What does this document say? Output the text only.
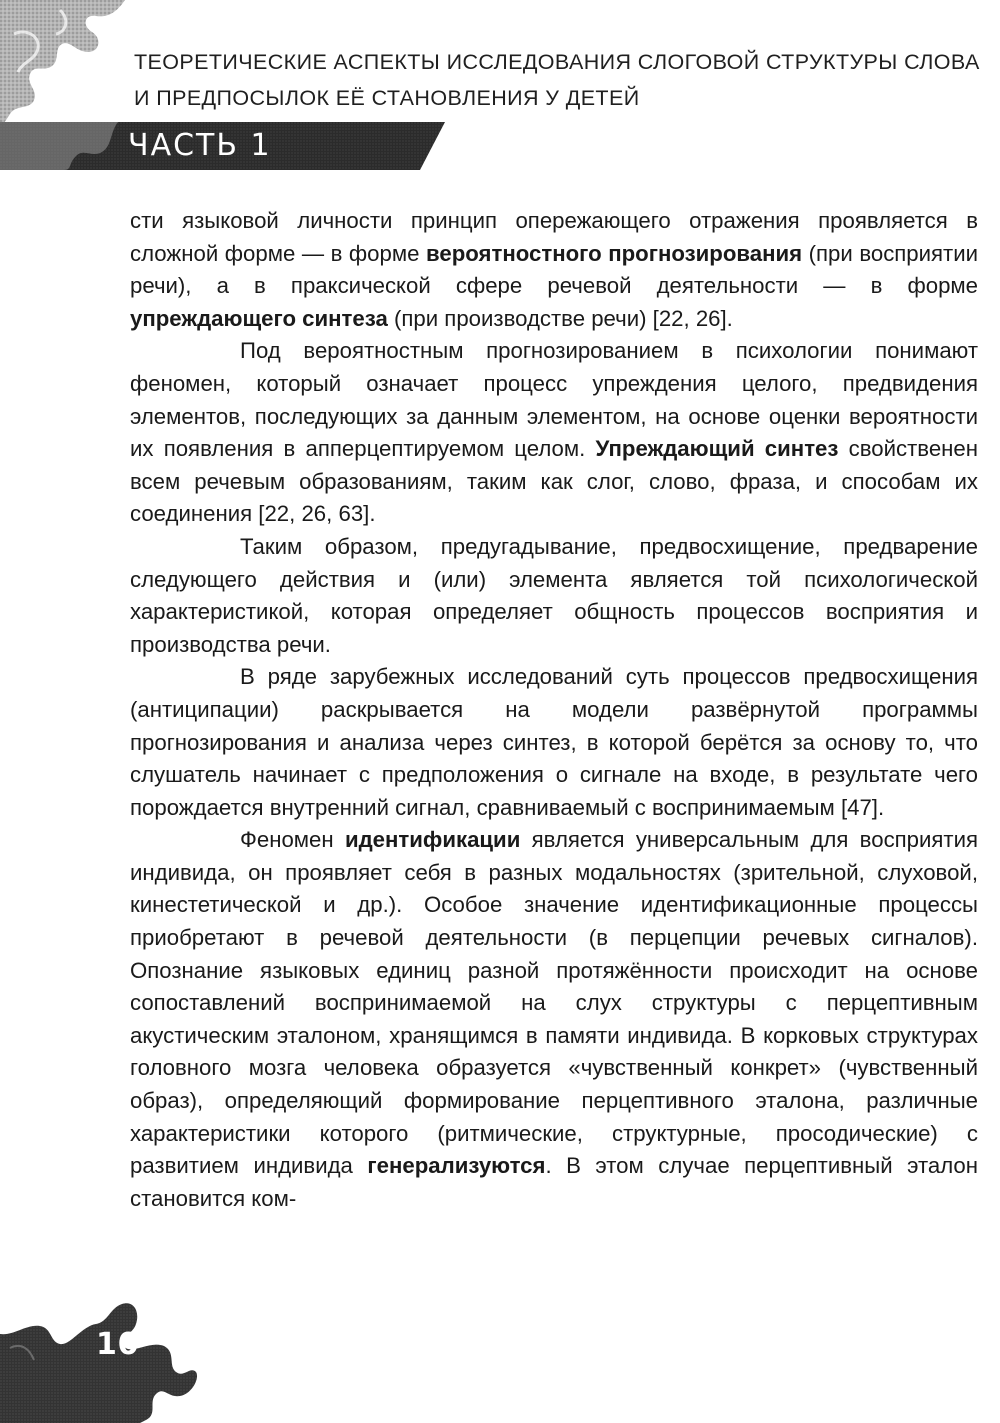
ТЕОРЕТИЧЕСКИЕ АСПЕКТЫ ИССЛЕДОВАНИЯ СЛОГОВОЙ СТРУКТУРЫ СЛОВА
И ПРЕДПОСЫЛОК ЕЁ СТАНОВЛЕНИЯ У ДЕТЕЙ
ЧАСТЬ 1

сти языковой личности принцип опережающего отражения проявляется в сложной форме — в форме вероятностного прогнозирования (при восприятии речи), а в праксической сфере речевой деятельности — в форме упреждающего синтеза (при производстве речи) [22, 26].

Под вероятностным прогнозированием в психологии понимают феномен, который означает процесс упреждения целого, предвидения элементов, последующих за данным элементом, на основе оценки вероятности их появления в апперцептируемом целом. Упреждающий синтез свойственен всем речевым образованиям, таким как слог, слово, фраза, и способам их соединения [22, 26, 63].

Таким образом, предугадывание, предвосхищение, предварение следующего действия и (или) элемента является той психологической характеристикой, которая определяет общность процессов восприятия и производства речи.

В ряде зарубежных исследований суть процессов предвосхищения (антиципации) раскрывается на модели развёрнутой программы прогнозирования и анализа через синтез, в которой берётся за основу то, что слушатель начинает с предположения о сигнале на входе, в результате чего порождается внутренний сигнал, сравниваемый с воспринимаемым [47].

Феномен идентификации является универсальным для восприятия индивида, он проявляет себя в разных модальностях (зрительной, слуховой, кинестетической и др.). Особое значение идентификационные процессы приобретают в речевой деятельности (в перцепции речевых сигналов). Опознание языковых единиц разной протяжённости происходит на основе сопоставлений воспринимаемой на слух структуры с перцептивным акустическим эталоном, хранящимся в памяти индивида. В корковых структурах головного мозга человека образуется «чувственный конкрет» (чувственный образ), определяющий формирование перцептивного эталона, различные характеристики которого (ритмические, структурные, просодические) с развитием индивида генерализуются. В этом случае перцептивный эталон становится ком-

10
